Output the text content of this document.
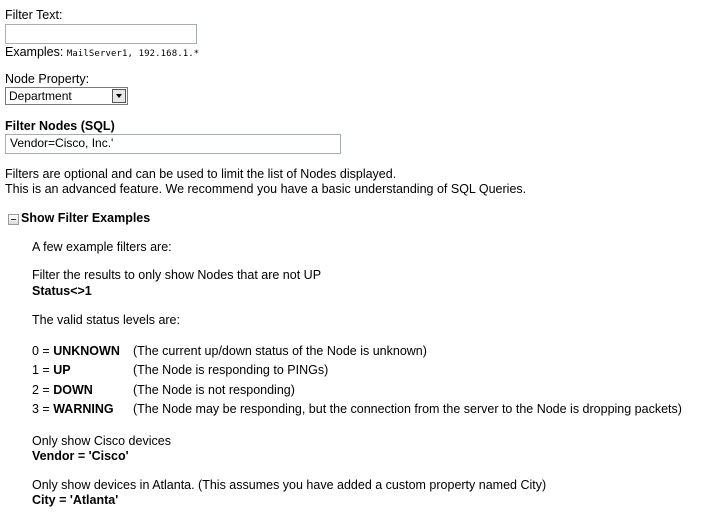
Filter Text:
Examples: MailServer1, 192.168.1.*
Node Property:
Department
Filter Nodes (SQL)
Vendor=Cisco, Inc.'
Filters are optional and can be used to limit the list of Nodes displayed.
This is an advanced feature. We recommend you have a basic understanding of SQL Queries.
Show Filter Examples
A few example filters are:
Filter the results to only show Nodes that are not UP
Status<>1
The valid status levels are:
0 = UNKNOWN (The current up/down status of the Node is unknown)
1 = UP	(The Node is responding to PINGs)
2 = DOWN	(The Node is not responding)
3 = WARNING (The Node may be responding, but the connection from the server to the Node is dropping packets)
Only show Cisco devices
Vendor = 'Cisco'
Only show devices in Atlanta. (This assumes you have added a custom property named City)
City = 'Atlanta'
